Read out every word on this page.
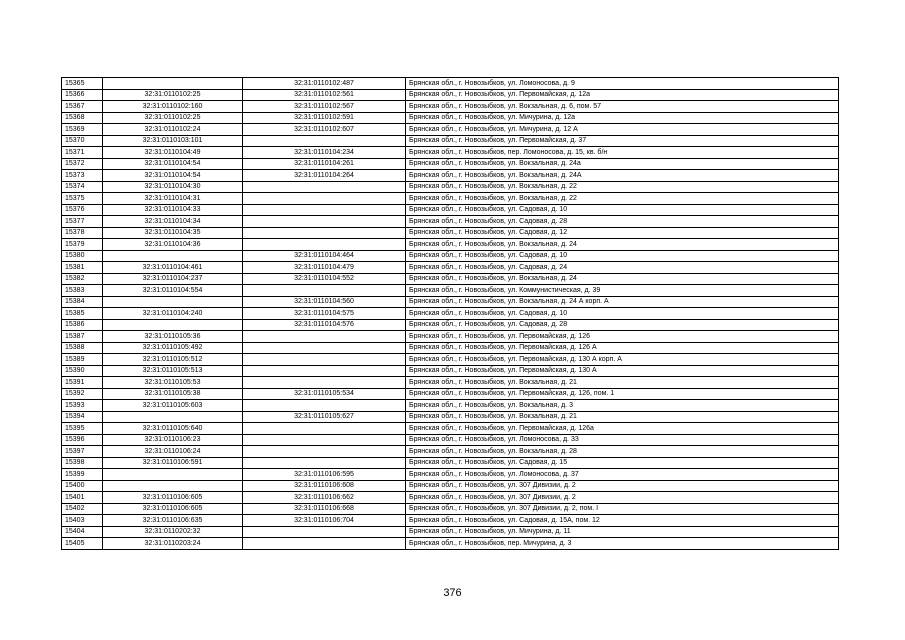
15365		32:31:0110102:487	Брянская обл., г. Новозыбков, ул. Ломоносова, д. 9
15366	32:31:0110102:25	32:31:0110102:561	Брянская обл., г. Новозыбков, ул. Первомайская, д. 12а
15367	32:31:0110102:160	32:31:0110102:567	Брянская обл., г. Новозыбков, ул. Вокзальная, д. 6, пом. 57
15368	32:31:0110102:25	32:31:0110102:591	Брянская обл., г. Новозыбков, ул. Мичурина, д. 12а
15369	32:31:0110102:24	32:31:0110102:607	Брянская обл., г. Новозыбков, ул. Мичурина, д. 12 А
15370	32:31:0110103:101		Брянская обл., г. Новозыбков, ул. Первомайская, д. 37
15371	32:31:0110104:49	32:31:0110104:234	Брянская обл., г. Новозыбков, пер. Ломоносова, д. 15, кв. б/н
15372	32:31:0110104:54	32:31:0110104:261	Брянская обл., г. Новозыбков, ул. Вокзальная, д. 24а
15373	32:31:0110104:54	32:31:0110104:264	Брянская обл., г. Новозыбков, ул. Вокзальная, д. 24А
15374	32:31:0110104:30		Брянская обл., г. Новозыбков, ул. Вокзальная, д. 22
15375	32:31:0110104:31		Брянская обл., г. Новозыбков, ул. Вокзальная, д. 22
15376	32:31:0110104:33		Брянская обл., г. Новозыбков, ул. Садовая, д. 10
15377	32:31:0110104:34		Брянская обл., г. Новозыбков, ул. Садовая, д. 28
15378	32:31:0110104:35		Брянская обл., г. Новозыбков, ул. Садовая, д. 12
15379	32:31:0110104:36		Брянская обл., г. Новозыбков, ул. Вокзальная, д. 24
15380		32:31:0110104:464	Брянская обл., г. Новозыбков, ул. Садовая, д. 10
15381	32:31:0110104:461	32:31:0110104:479	Брянская обл., г. Новозыбков, ул. Садовая, д. 24
15382	32:31:0110104:237	32:31:0110104:552	Брянская обл., г. Новозыбков, ул. Вокзальная, д. 24
15383	32:31:0110104:554		Брянская обл., г. Новозыбков, ул. Коммунистическая, д. 39
15384		32:31:0110104:560	Брянская обл., г. Новозыбков, ул. Вокзальная, д. 24 А корп. А
15385	32:31:0110104:240	32:31:0110104:575	Брянская обл., г. Новозыбков, ул. Садовая, д. 10
15386		32:31:0110104:576	Брянская обл., г. Новозыбков, ул. Садовая, д. 28
15387	32:31:0110105:36		Брянская обл., г. Новозыбков, ул. Первомайская, д. 126
15388	32:31:0110105:492		Брянская обл., г. Новозыбков, ул. Первомайская, д. 126 А
15389	32:31:0110105:512		Брянская обл., г. Новозыбков, ул. Первомайская, д. 130 А корп. А
15390	32:31:0110105:513		Брянская обл., г. Новозыбков, ул. Первомайская, д. 130 А
15391	32:31:0110105:53		Брянская обл., г. Новозыбков, ул. Вокзальная, д. 21
15392	32:31:0110105:38	32:31:0110105:534	Брянская обл., г. Новозыбков, ул. Первомайская, д. 126, пом. 1
15393	32:31:0110105:603		Брянская обл., г. Новозыбков, ул. Вокзальная, д. 3
15394		32:31:0110105:627	Брянская обл., г. Новозыбков, ул. Вокзальная, д. 21
15395	32:31:0110105:640		Брянская обл., г. Новозыбков, ул. Первомайская, д. 126а
15396	32:31:0110106:23		Брянская обл., г. Новозыбков, ул. Ломоносова, д. 33
15397	32:31:0110106:24		Брянская обл., г. Новозыбков, ул. Вокзальная, д. 28
15398	32:31:0110106:591		Брянская обл., г. Новозыбков, ул. Садовая, д. 15
15399		32:31:0110106:595	Брянская обл., г. Новозыбков, ул. Ломоносова, д. 37
15400		32:31:0110106:608	Брянская обл., г. Новозыбков, ул. 307 Дивизии, д. 2
15401	32:31:0110106:605	32:31:0110106:662	Брянская обл., г. Новозыбков, ул. 307 Дивизии, д. 2
15402	32:31:0110106:605	32:31:0110106:668	Брянская обл., г. Новозыбков, ул. 307 Дивизии, д. 2, пом. I
15403	32:31:0110106:635	32:31:0110106:704	Брянская обл., г. Новозыбков, ул. Садовая, д. 15А, пом. 12
15404	32:31:0110202:32		Брянская обл., г. Новозыбков, ул. Мичурина, д. 11
15405	32:31:0110203:24		Брянская обл., г. Новозыбков, пер. Мичурина, д. 3
376
